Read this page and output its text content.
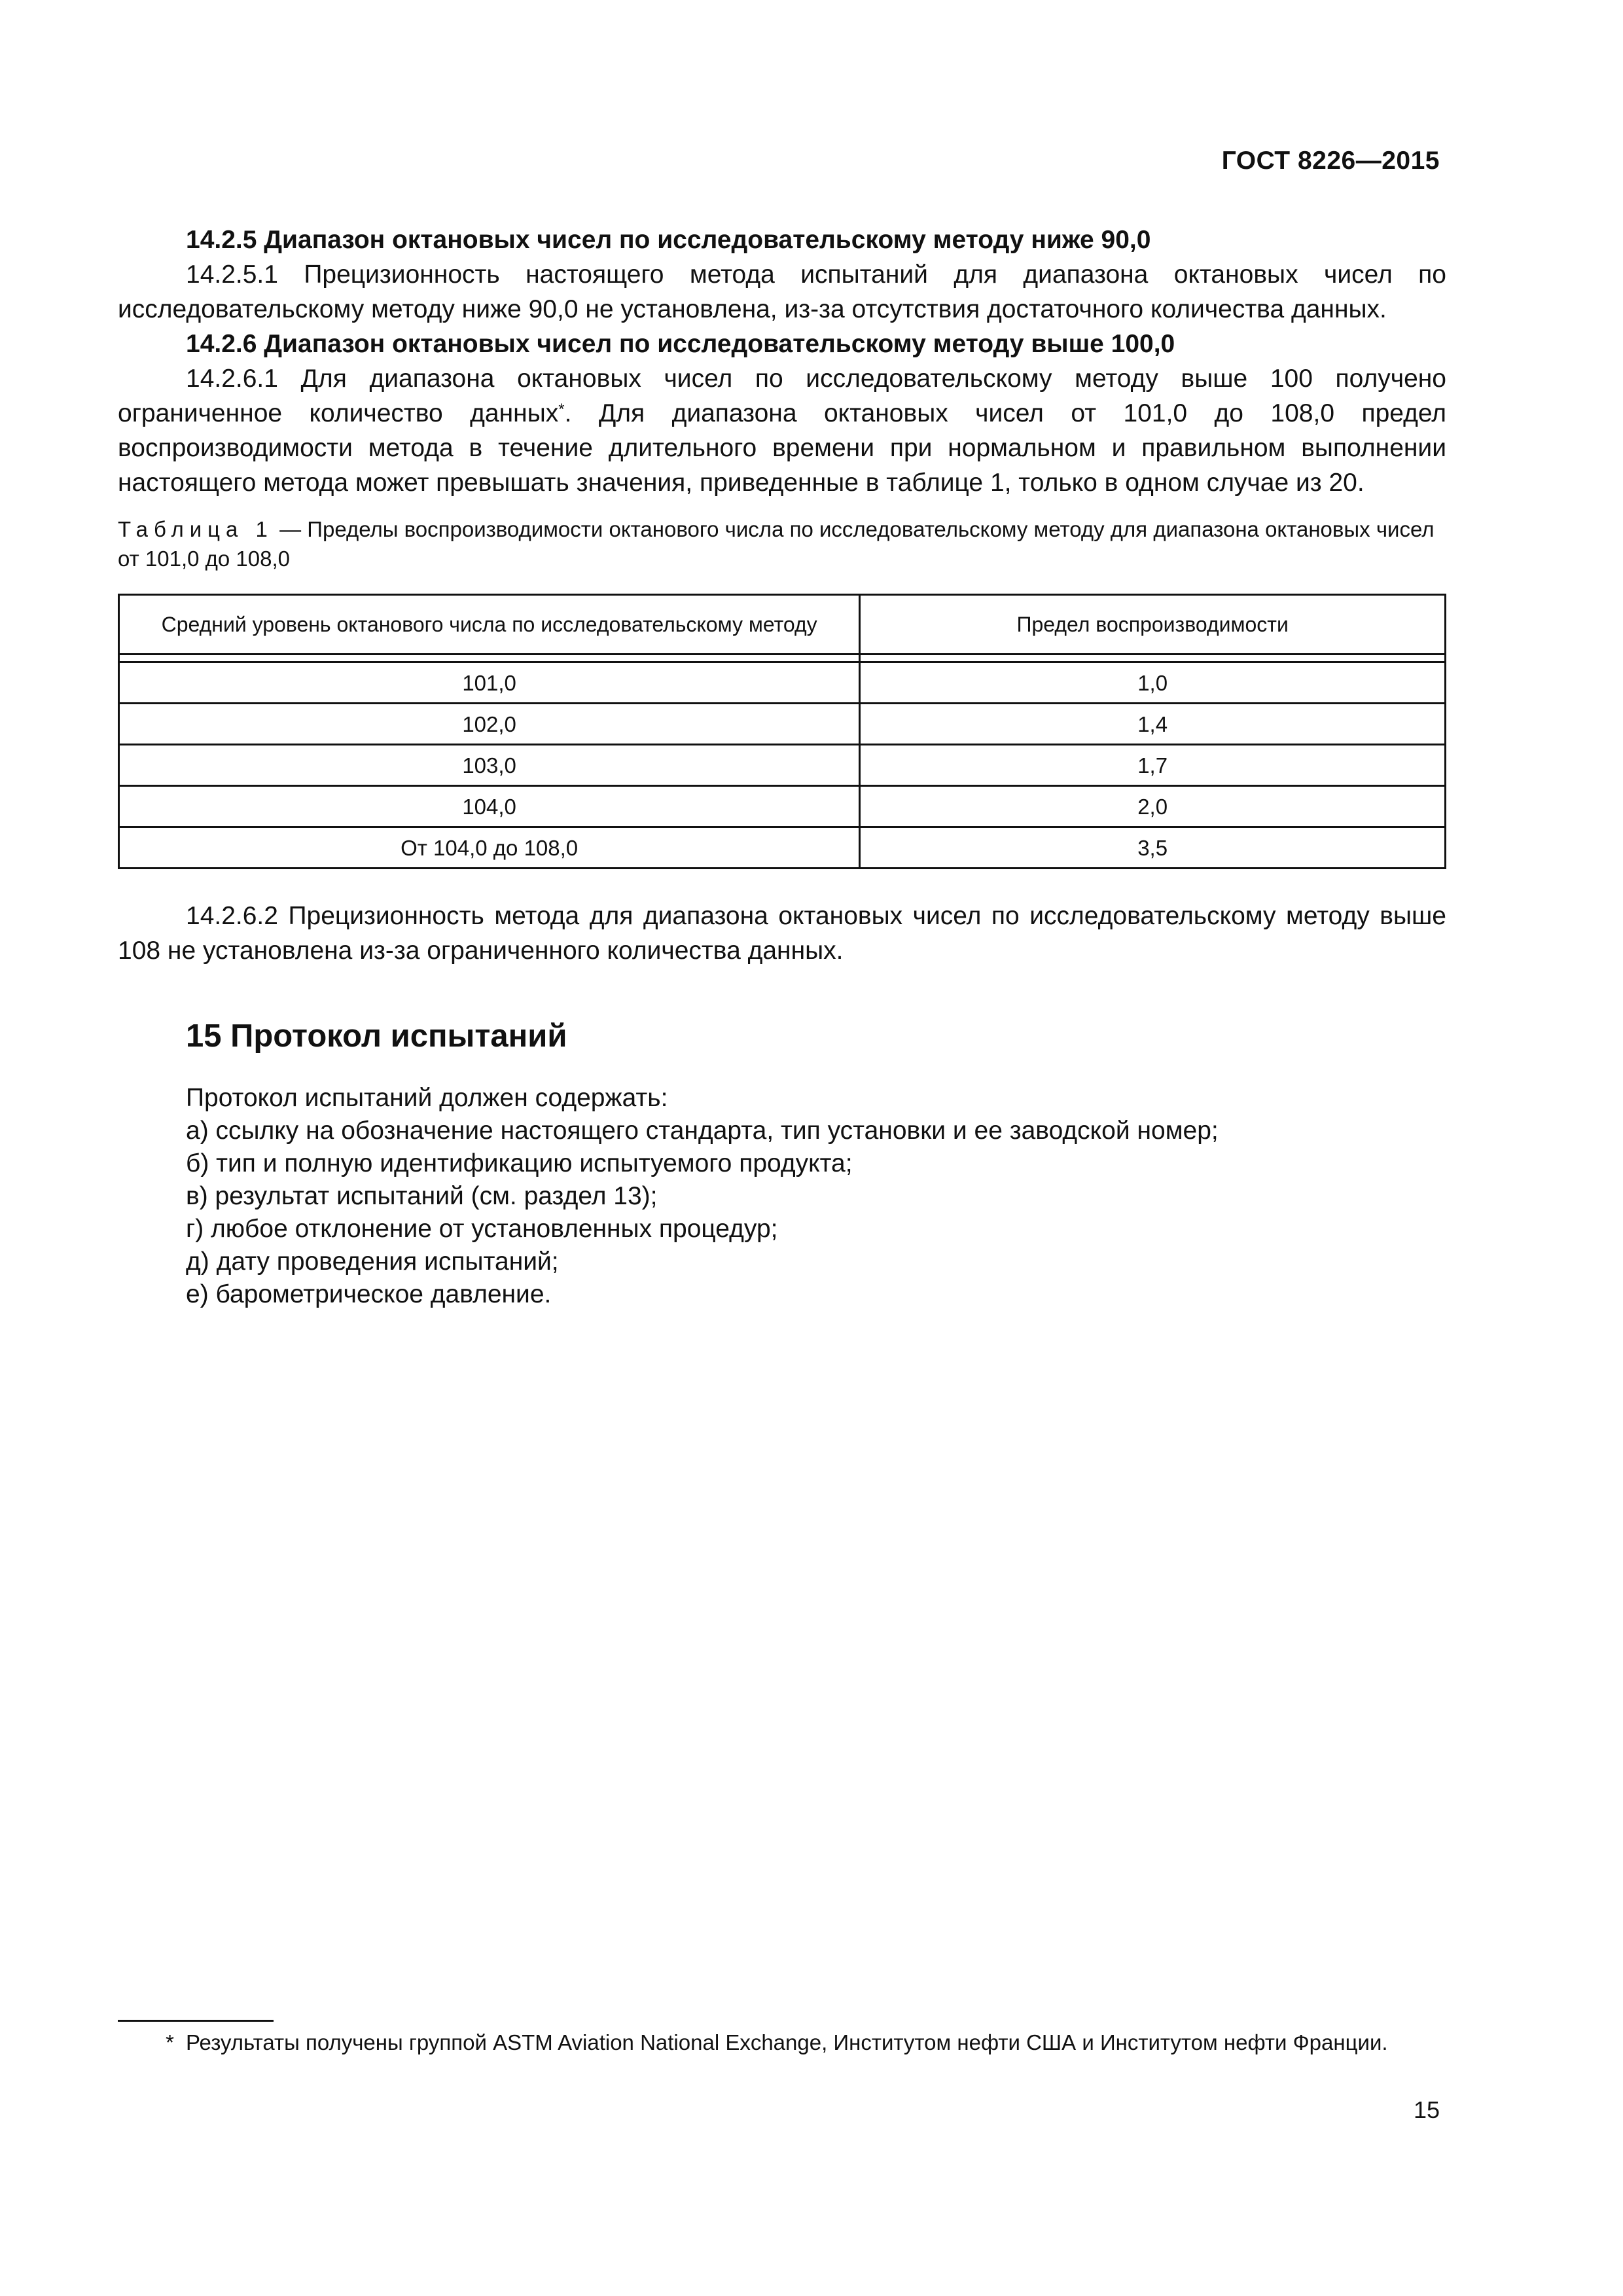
ГОСТ 8226—2015

14.2.5 Диапазон октановых чисел по исследовательскому методу ниже 90,0

14.2.5.1 Прецизионность настоящего метода испытаний для диапазона октановых чисел по исследовательскому методу ниже 90,0 не установлена, из-за отсутствия достаточного количества данных.

14.2.6 Диапазон октановых чисел по исследовательскому методу выше 100,0

14.2.6.1 Для диапазона октановых чисел по исследовательскому методу выше 100 получено ограниченное количество данных*. Для диапазона октановых чисел от 101,0 до 108,0 предел воспроизводимости метода в течение длительного времени при нормальном и правильном выполнении настоящего метода может превышать значения, приведенные в таблице 1, только в одном случае из 20.

Таблица 1 — Пределы воспроизводимости октанового числа по исследовательскому методу для диапазона октановых чисел от 101,0 до 108,0

Средний уровень октанового числа по исследовательскому методу	Предел воспроизводимости

101,0	1,0
102,0	1,4
103,0	1,7
104,0	2,0
От 104,0 до 108,0	3,5

14.2.6.2 Прецизионность метода для диапазона октановых чисел по исследовательскому методу выше 108 не установлена из-за ограниченного количества данных.

15 Протокол испытаний
Протокол испытаний должен содержать:
а) ссылку на обозначение настоящего стандарта, тип установки и ее заводской номер;
б) тип и полную идентификацию испытуемого продукта;
в) результат испытаний (см. раздел 13);
г) любое отклонение от установленных процедур;
д) дату проведения испытаний;
е) барометрическое давление.

* Результаты получены группой ASTM Aviation National Exchange, Институтом нефти США и Институтом нефти Франции.

15
